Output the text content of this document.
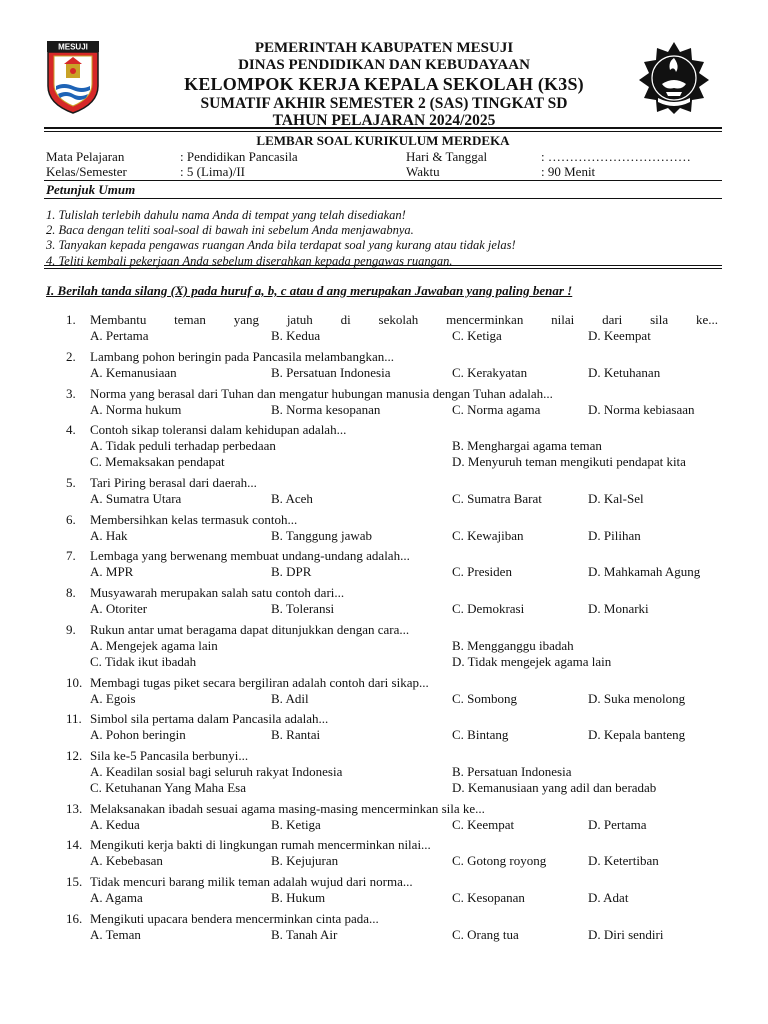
MESUJI	PEMERINTAH KABUPATEN MESUJI
DINAS PENDIDIKAN DAN KEBUDAYAAN
KELOMPOK KERJA KEPALA SEKOLAH (K3S)
SUMATIF AKHIR SEMESTER 2 (SAS) TINGKAT SD
TAHUN PELAJARAN 2024/2025
LEMBAR SOAL KURIKULUM MERDEKA
Mata Pelajaran	: Pendidikan Pancasila	Hari & Tanggal	: ……………………………
Kelas/Semester	: 5 (Lima)/II	Waktu	: 90 Menit
Petunjuk Umum
1. Tulislah terlebih dahulu nama Anda di tempat yang telah disediakan!
2. Baca dengan teliti soal-soal di bawah ini sebelum Anda menjawabnya.
3. Tanyakan kepada pengawas ruangan Anda bila terdapat soal yang kurang atau tidak jelas!
4. Teliti kembali pekerjaan Anda sebelum diserahkan kepada pengawas ruangan.
I. Berilah tanda silang (X) pada huruf a, b, c atau d ang merupakan Jawaban yang paling benar !
1.	Membantu teman yang jatuh di sekolah mencerminkan nilai dari sila ke...
A. Pertama	B. Kedua	C. Ketiga	D. Keempat
2.	Lambang pohon beringin pada Pancasila melambangkan...
A. Kemanusiaan	B. Persatuan Indonesia	C. Kerakyatan	D. Ketuhanan
3.	Norma yang berasal dari Tuhan dan mengatur hubungan manusia dengan Tuhan adalah...
A. Norma hukum	B. Norma kesopanan	C. Norma agama	D. Norma kebiasaan
4.	Contoh sikap toleransi dalam kehidupan adalah...
A. Tidak peduli terhadap perbedaan	B. Menghargai agama teman
C. Memaksakan pendapat	D. Menyuruh teman mengikuti pendapat kita
5.	Tari Piring berasal dari daerah...
A. Sumatra Utara	B. Aceh	C. Sumatra Barat	D. Kal-Sel
6.	Membersihkan kelas termasuk contoh...
A. Hak	B. Tanggung jawab	C. Kewajiban	D. Pilihan
7.	Lembaga yang berwenang membuat undang-undang adalah...
A. MPR	B. DPR	C. Presiden	D. Mahkamah Agung
8.	Musyawarah merupakan salah satu contoh dari...
A. Otoriter	B. Toleransi	C. Demokrasi	D. Monarki
9.	Rukun antar umat beragama dapat ditunjukkan dengan cara...
A. Mengejek agama lain	B. Mengganggu ibadah
C. Tidak ikut ibadah	D. Tidak mengejek agama lain
10. Membagi tugas piket secara bergiliran adalah contoh dari sikap...
A. Egois	B. Adil	C. Sombong	D. Suka menolong
11. Simbol sila pertama dalam Pancasila adalah...
A. Pohon beringin	B. Rantai	C. Bintang	D. Kepala banteng
12. Sila ke-5 Pancasila berbunyi...
A. Keadilan sosial bagi seluruh rakyat Indonesia	B. Persatuan Indonesia
C. Ketuhanan Yang Maha Esa	D. Kemanusiaan yang adil dan beradab
13. Melaksanakan ibadah sesuai agama masing-masing mencerminkan sila ke...
A. Kedua	B. Ketiga	C. Keempat	D. Pertama
14. Mengikuti kerja bakti di lingkungan rumah mencerminkan nilai...
A. Kebebasan	B. Kejujuran	C. Gotong royong	D. Ketertiban
15. Tidak mencuri barang milik teman adalah wujud dari norma...
A. Agama	B. Hukum	C. Kesopanan	D. Adat
16. Mengikuti upacara bendera mencerminkan cinta pada...
A. Teman	B. Tanah Air	C. Orang tua	D. Diri sendiri
